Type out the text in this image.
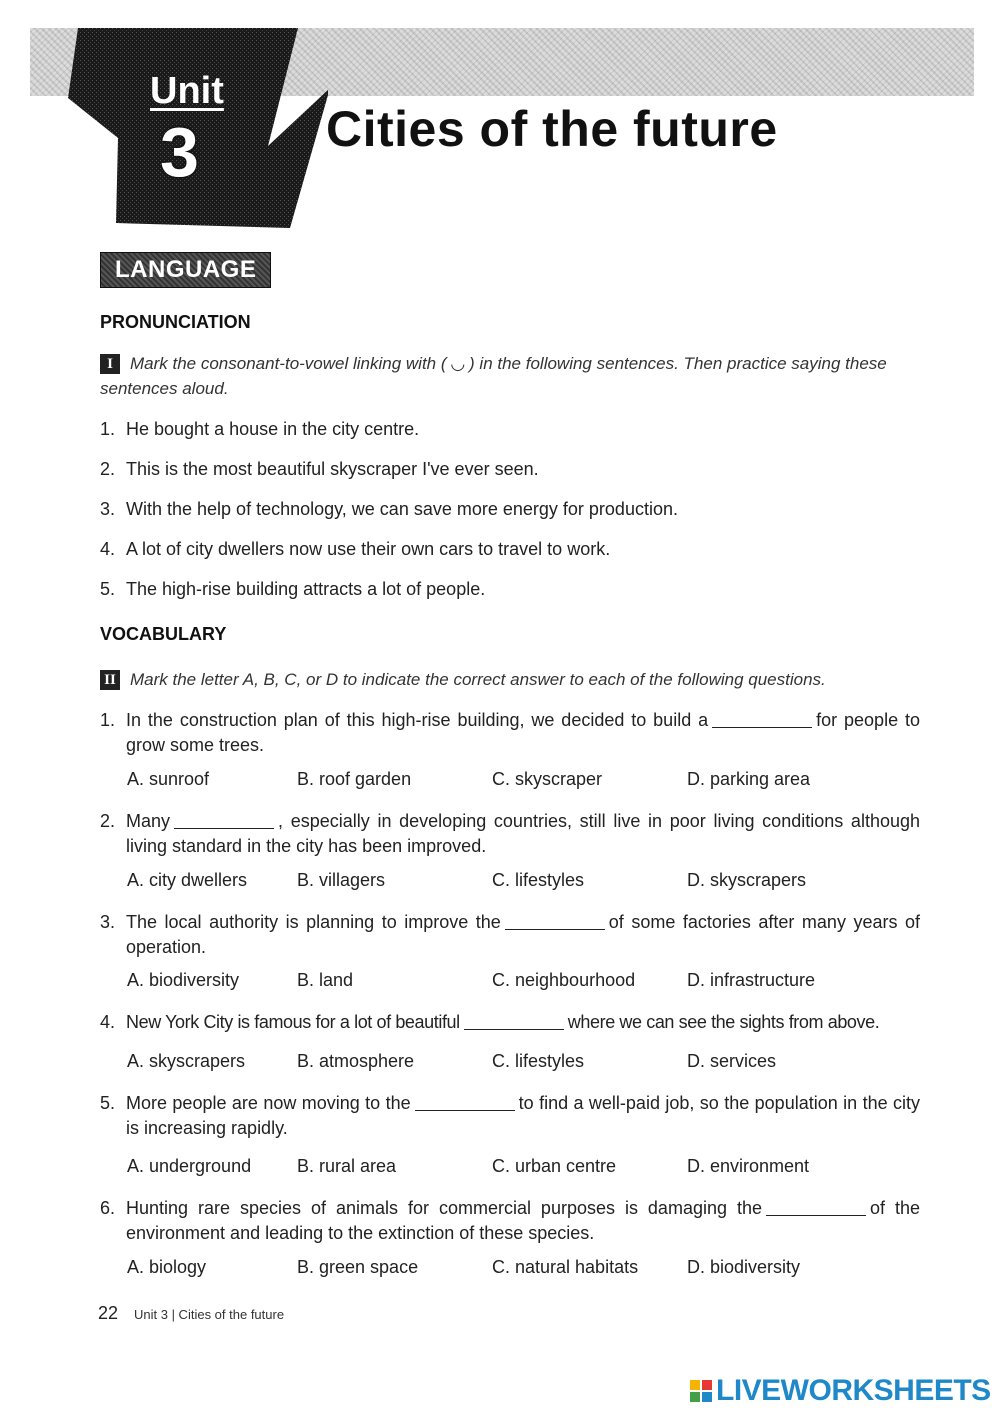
Unit
3	Cities of the future
LANGUAGE
PRONUNCIATION
I Mark the consonant-to-vowel linking with ( ◡ ) in the following sentences. Then practice saying these sentences aloud.
1. He bought a house in the city centre.
2. This is the most beautiful skyscraper I've ever seen.
3. With the help of technology, we can save more energy for production.
4. A lot of city dwellers now use their own cars to travel to work.
5. The high-rise building attracts a lot of people.
VOCABULARY
II Mark the letter A, B, C, or D to indicate the correct answer to each of the following questions.
1. In the construction plan of this high-rise building, we decided to build a	for people to grow some trees.
A. sunroof	B. roof garden	C. skyscraper	D. parking area
2. Many	, especially in developing countries, still live in poor living conditions although living standard in the city has been improved.
A. city dwellers	B. villagers	C. lifestyles	D. skyscrapers
3. The local authority is planning to improve the	of some factories after many years of operation.
A. biodiversity	B. land	C. neighbourhood	D. infrastructure
4. New York City is famous for a lot of beautiful	where we can see the sights from above.
A. skyscrapers	B. atmosphere	C. lifestyles	D. services
5. More people are now moving to the	to find a well-paid job, so the population in the city is increasing rapidly.
A. underground	B. rural area	C. urban centre	D. environment
6. Hunting rare species of animals for commercial purposes is damaging the	of the environment and leading to the extinction of these species.
A. biology	B. green space	C. natural habitats	D. biodiversity
22 Unit 3 | Cities of the future
LIVEWORKSHEETS
